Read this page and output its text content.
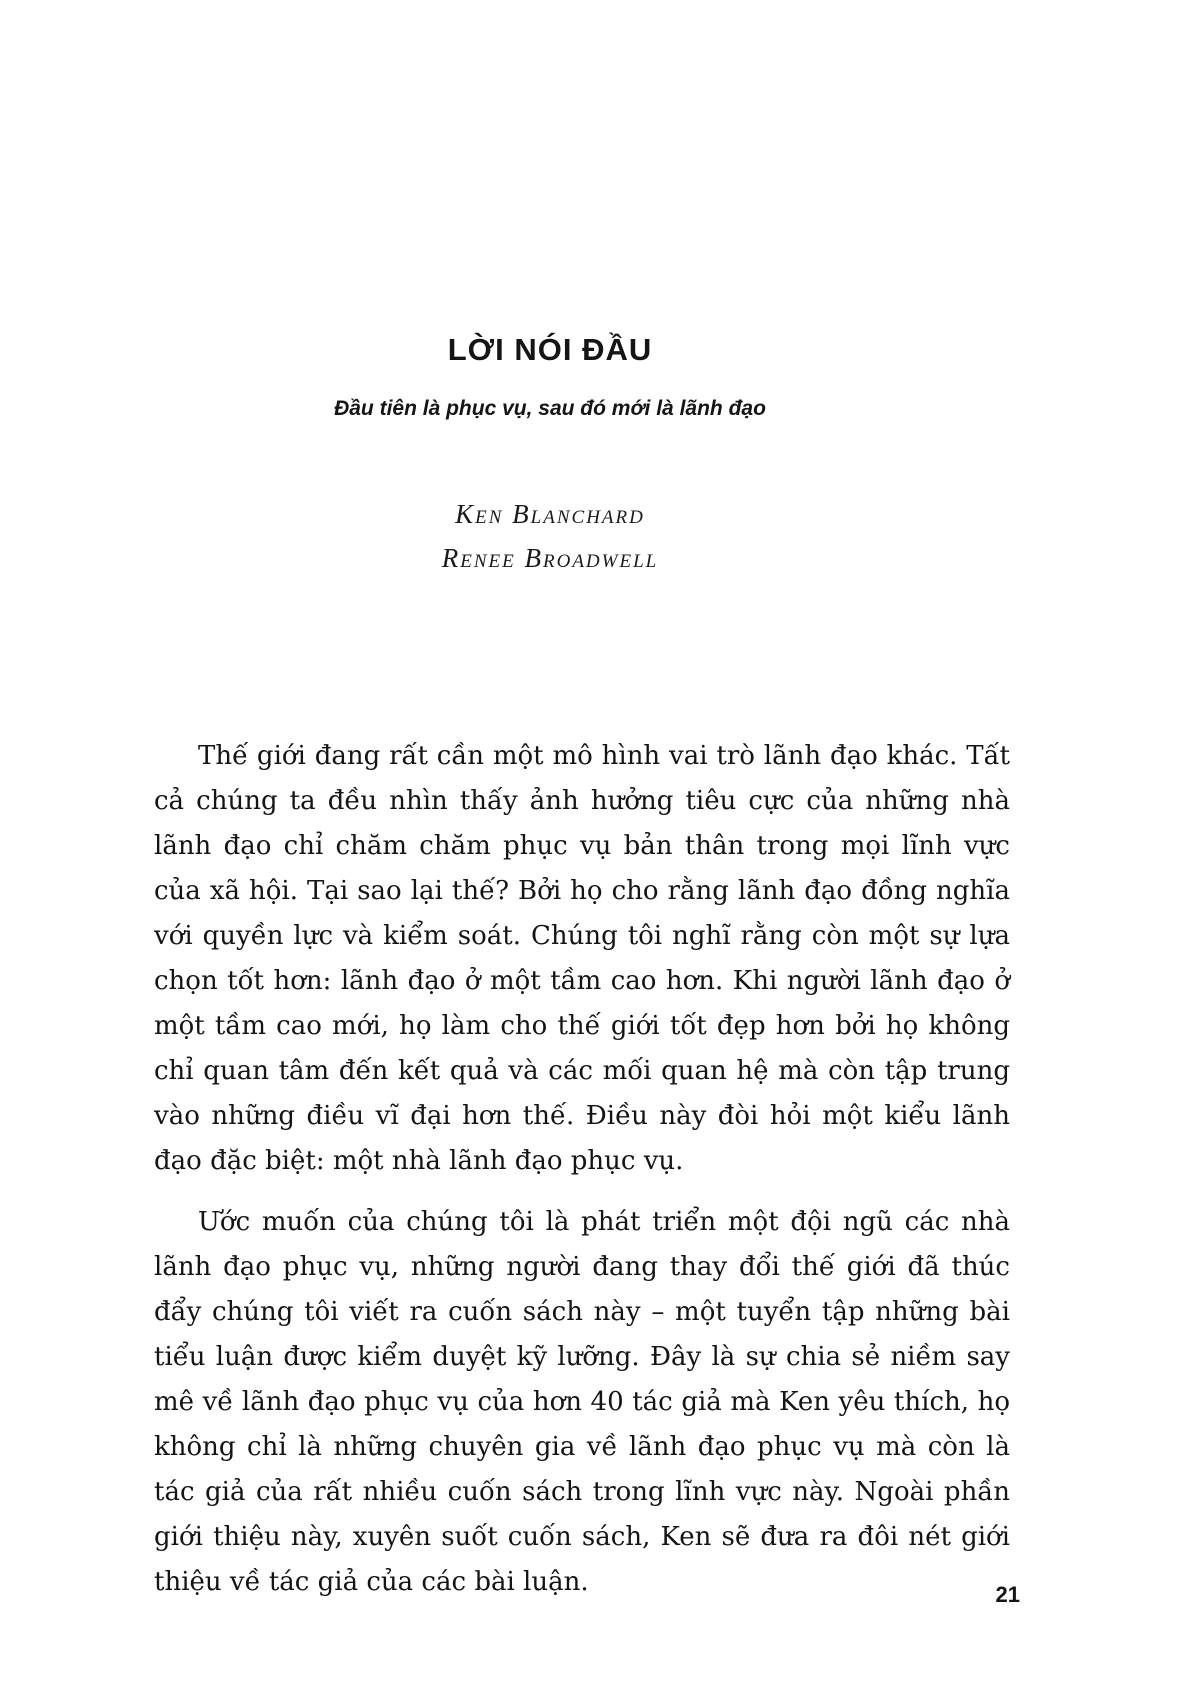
LỜI NÓI ĐẦU
Đầu tiên là phục vụ, sau đó mới là lãnh đạo
Ken Blanchard
Renee Broadwell

Thế giới đang rất cần một mô hình vai trò lãnh đạo khác. Tất cả chúng ta đều nhìn thấy ảnh hưởng tiêu cực của những nhà lãnh đạo chỉ chăm chăm phục vụ bản thân trong mọi lĩnh vực của xã hội. Tại sao lại thế? Bởi họ cho rằng lãnh đạo đồng nghĩa với quyền lực và kiểm soát. Chúng tôi nghĩ rằng còn một sự lựa chọn tốt hơn: lãnh đạo ở một tầm cao hơn. Khi người lãnh đạo ở một tầm cao mới, họ làm cho thế giới tốt đẹp hơn bởi họ không chỉ quan tâm đến kết quả và các mối quan hệ mà còn tập trung vào những điều vĩ đại hơn thế. Điều này đòi hỏi một kiểu lãnh đạo đặc biệt: một nhà lãnh đạo phục vụ.

Ước muốn của chúng tôi là phát triển một đội ngũ các nhà lãnh đạo phục vụ, những người đang thay đổi thế giới đã thúc đẩy chúng tôi viết ra cuốn sách này – một tuyển tập những bài tiểu luận được kiểm duyệt kỹ lưỡng. Đây là sự chia sẻ niềm say mê về lãnh đạo phục vụ của hơn 40 tác giả mà Ken yêu thích, họ không chỉ là những chuyên gia về lãnh đạo phục vụ mà còn là tác giả của rất nhiều cuốn sách trong lĩnh vực này. Ngoài phần giới thiệu này, xuyên suốt cuốn sách, Ken sẽ đưa ra đôi nét giới thiệu về tác giả của các bài luận.	21
